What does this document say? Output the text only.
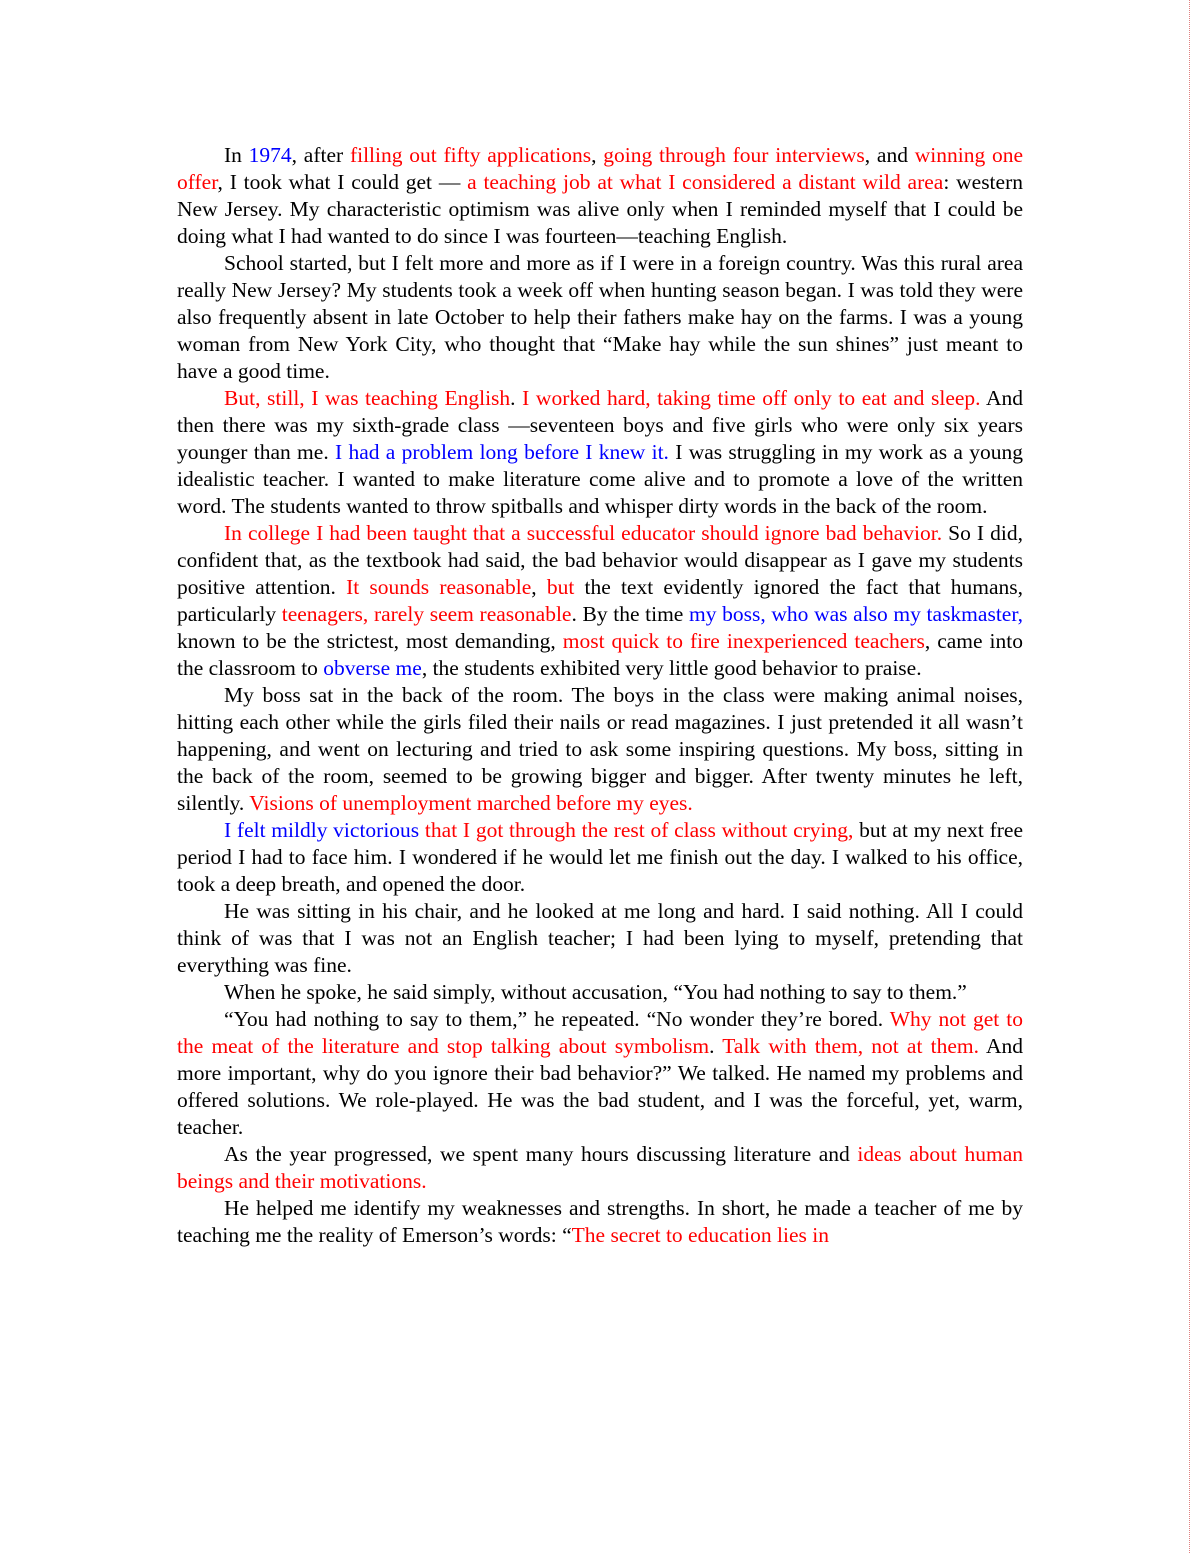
In 1974, after filling out fifty applications, going through four interviews, and winning one offer, I took what I could get — a teaching job at what I considered a distant wild area: western New Jersey. My characteristic optimism was alive only when I reminded myself that I could be doing what I had wanted to do since I was fourteen—teaching English.

School started, but I felt more and more as if I were in a foreign country. Was this rural area really New Jersey? My students took a week off when hunting season began. I was told they were also frequently absent in late October to help their fathers make hay on the farms. I was a young woman from New York City, who thought that “Make hay while the sun shines” just meant to have a good time.

But, still, I was teaching English. I worked hard, taking time off only to eat and sleep. And then there was my sixth-grade class —seventeen boys and five girls who were only six years younger than me. I had a problem long before I knew it. I was struggling in my work as a young idealistic teacher. I wanted to make literature come alive and to promote a love of the written word. The students wanted to throw spitballs and whisper dirty words in the back of the room.

In college I had been taught that a successful educator should ignore bad behavior. So I did, confident that, as the textbook had said, the bad behavior would disappear as I gave my students positive attention. It sounds reasonable, but the text evidently ignored the fact that humans, particularly teenagers, rarely seem reasonable. By the time my boss, who was also my taskmaster, known to be the strictest, most demanding, most quick to fire inexperienced teachers, came into the classroom to obverse me, the students exhibited very little good behavior to praise.

My boss sat in the back of the room. The boys in the class were making animal noises, hitting each other while the girls filed their nails or read magazines. I just pretended it all wasn’t happening, and went on lecturing and tried to ask some inspiring questions. My boss, sitting in the back of the room, seemed to be growing bigger and bigger. After twenty minutes he left, silently. Visions of unemployment marched before my eyes.

I felt mildly victorious that I got through the rest of class without crying, but at my next free period I had to face him. I wondered if he would let me finish out the day. I walked to his office, took a deep breath, and opened the door.

He was sitting in his chair, and he looked at me long and hard. I said nothing. All I could think of was that I was not an English teacher; I had been lying to myself, pretending that everything was fine.

When he spoke, he said simply, without accusation, “You had nothing to say to them.”

“You had nothing to say to them,” he repeated. “No wonder they’re bored. Why not get to the meat of the literature and stop talking about symbolism. Talk with them, not at them. And more important, why do you ignore their bad behavior?” We talked. He named my problems and offered solutions. We role-played. He was the bad student, and I was the forceful, yet, warm, teacher.

As the year progressed, we spent many hours discussing literature and ideas about human beings and their motivations.

He helped me identify my weaknesses and strengths. In short, he made a teacher of me by teaching me the reality of Emerson’s words: “The secret to education lies in
